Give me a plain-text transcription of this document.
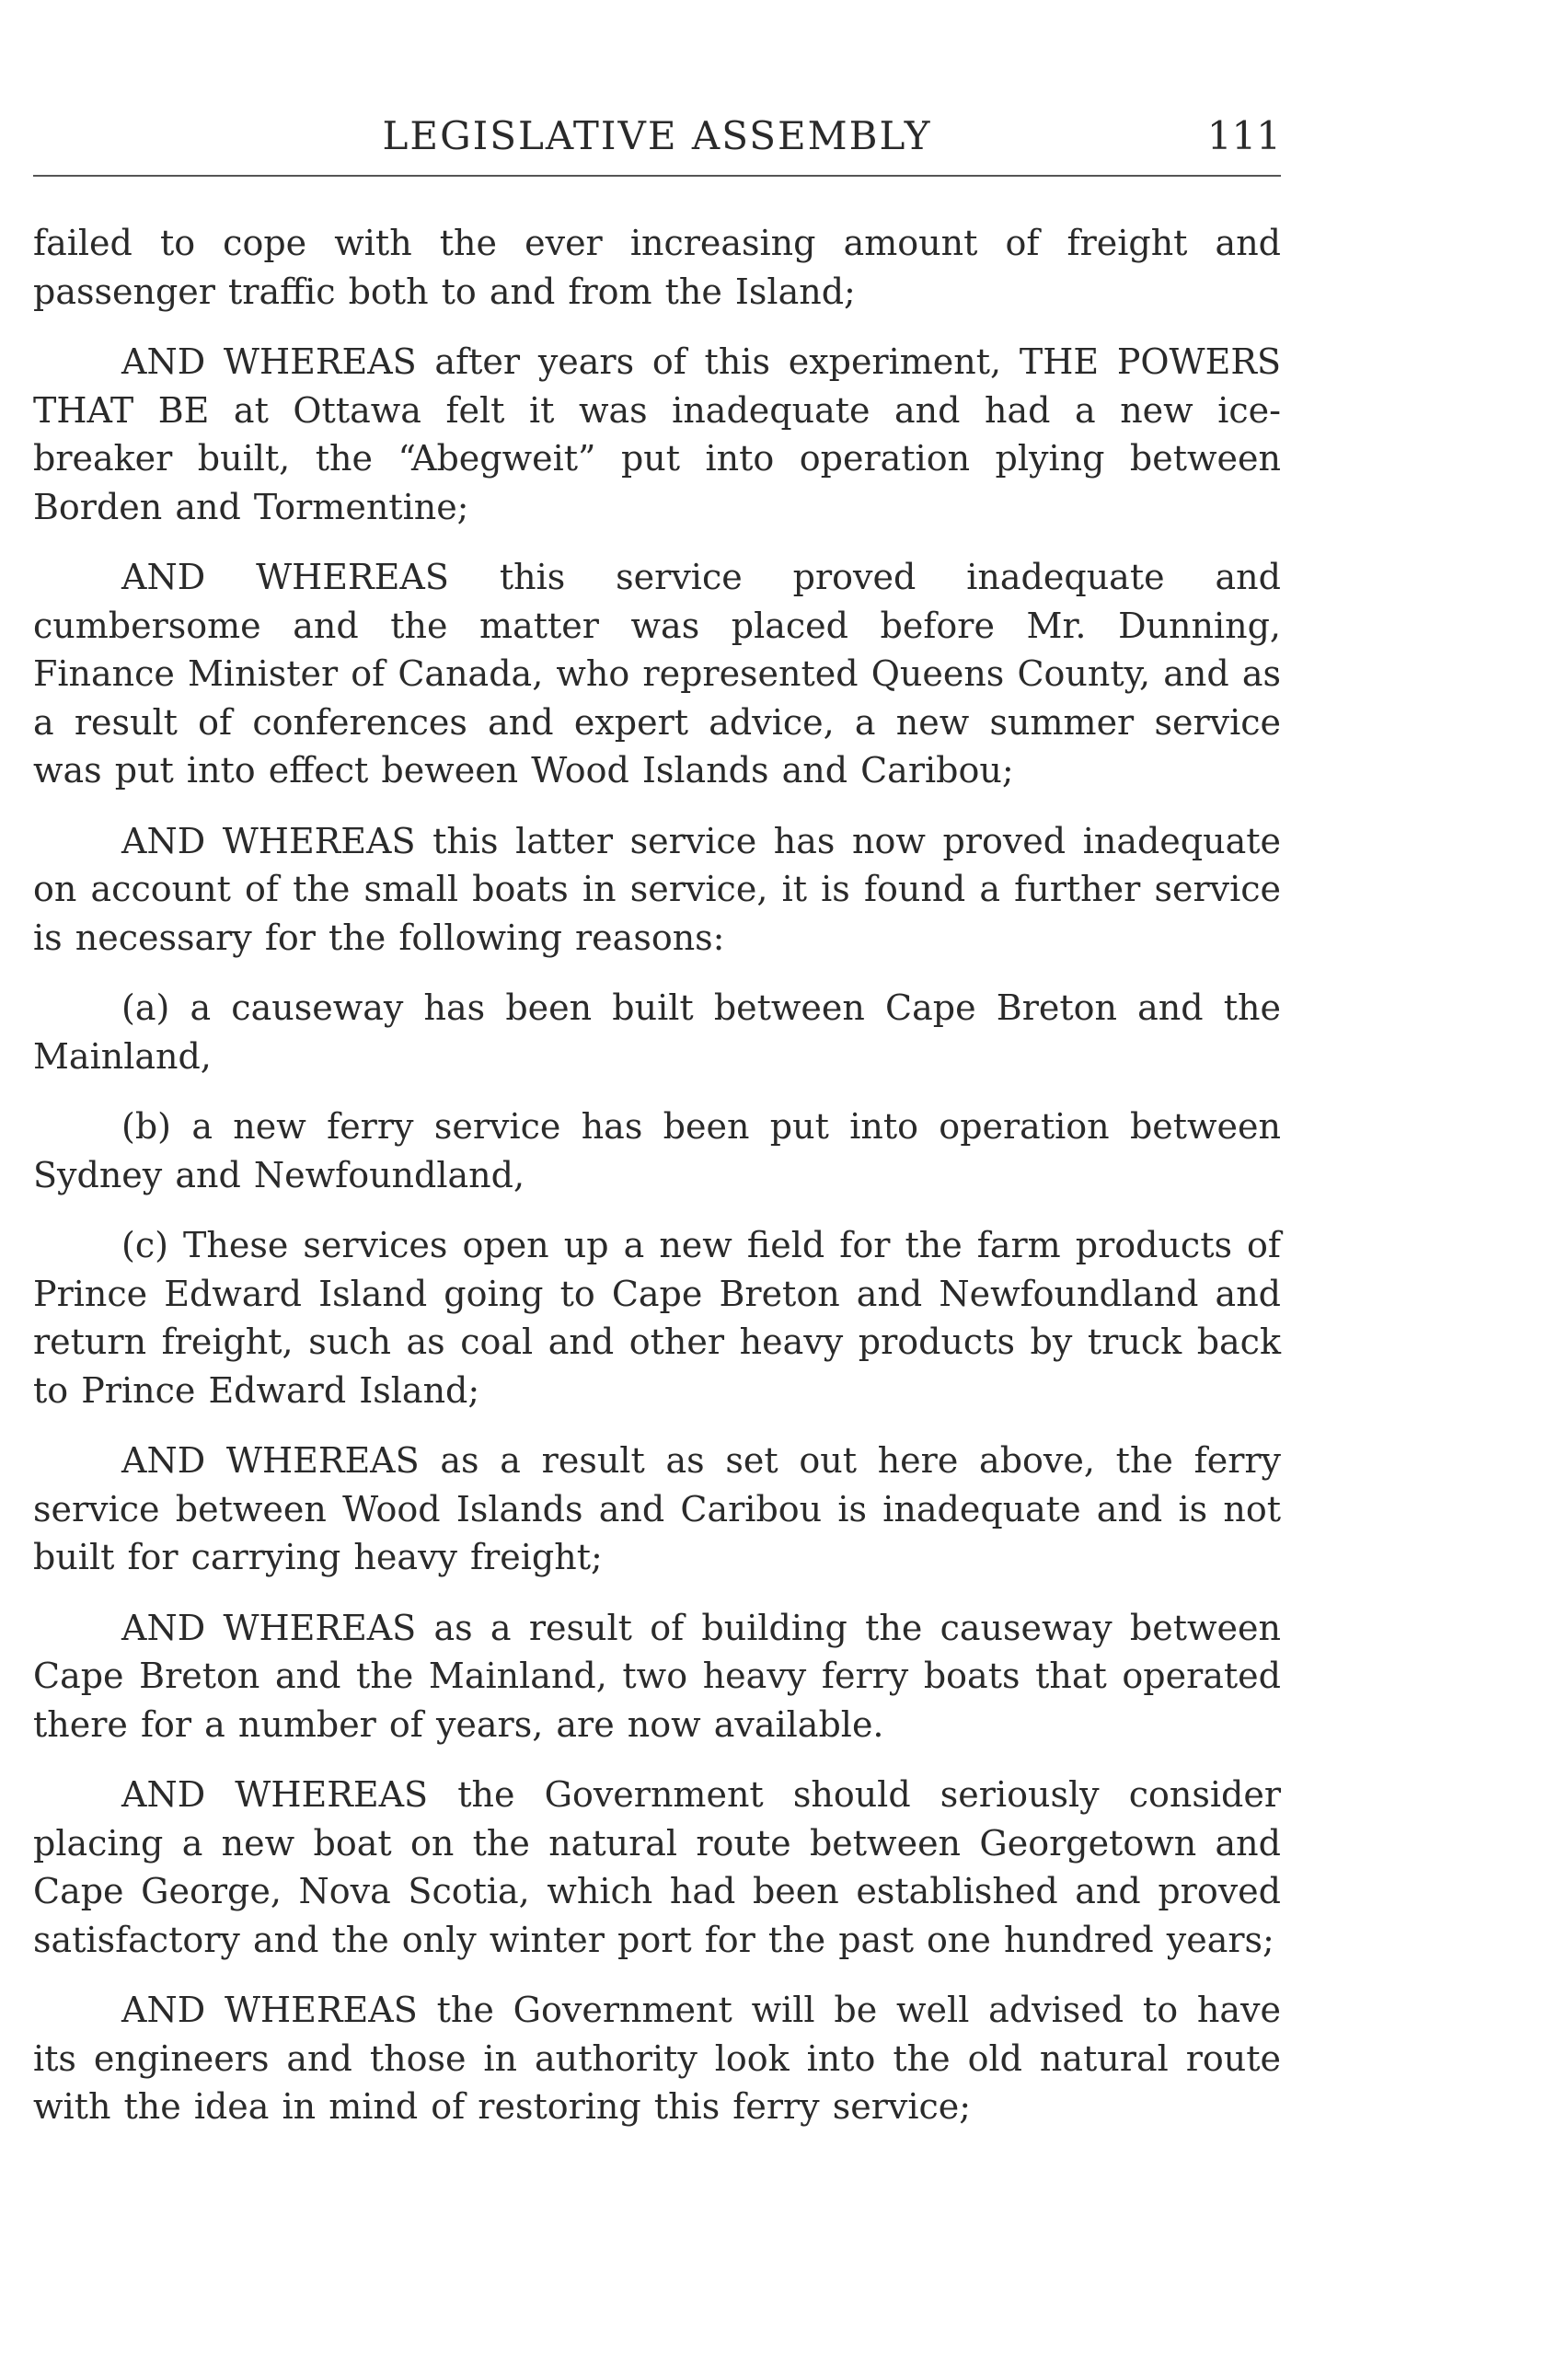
LEGISLATIVE ASSEMBLY	111

failed to cope with the ever increasing amount of freight and passenger traffic both to and from the Island;

AND WHEREAS after years of this experiment, THE POWERS THAT BE at Ottawa felt it was inadequate and had a new ice-breaker built, the “Abegweit” put into operation plying between Borden and Tormentine;

AND WHEREAS this service proved inadequate and cumbersome and the matter was placed before Mr. Dunning, Finance Minister of Canada, who represented Queens County, and as a result of conferences and expert advice, a new summer service was put into effect beween Wood Islands and Caribou;

AND WHEREAS this latter service has now proved inadequate on account of the small boats in service, it is found a further service is necessary for the following reasons:

(a) a causeway has been built between Cape Breton and the Mainland,

(b) a new ferry service has been put into operation between Sydney and Newfoundland,

(c) These services open up a new field for the farm products of Prince Edward Island going to Cape Breton and Newfoundland and return freight, such as coal and other heavy products by truck back to Prince Edward Island;

AND WHEREAS as a result as set out here above, the ferry service between Wood Islands and Caribou is inadequate and is not built for carrying heavy freight;

AND WHEREAS as a result of building the causeway between Cape Breton and the Mainland, two heavy ferry boats that operated there for a number of years, are now available.

AND WHEREAS the Government should seriously consider placing a new boat on the natural route between Georgetown and Cape George, Nova Scotia, which had been established and proved satisfactory and the only winter port for the past one hundred years;

AND WHEREAS the Government will be well advised to have its engineers and those in authority look into the old natural route with the idea in mind of restoring this ferry service;
